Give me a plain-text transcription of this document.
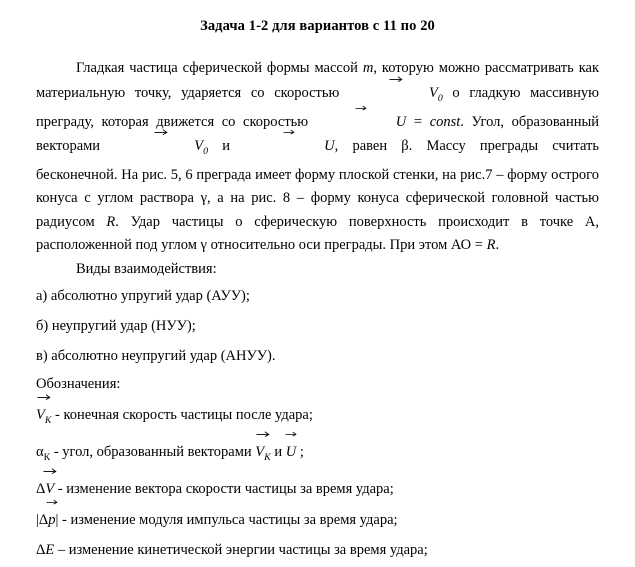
Задача 1-2 для вариантов с 11 по 20

Гладкая частица сферической формы массой m, которую можно рассматривать как материальную точку, ударяется со скоростью	$V_0$ о гладкую массивную преграду, которая движется со скоростью	U = const. Угол, образованный векторами	$V_0$ и	U, равен β. Массу преграды считать бесконечной. На рис. 5, 6 преграда имеет форму плоской стенки, на рис.7 – форму острого конуса с углом раствора γ, а на рис. 8 – форму конуса сферической головной частью радиусом R. Удар частицы о сферическую поверхность происходит в точке А, расположенной под углом γ относительно оси преграды. При этом АО = R.

Виды взаимодействия:

а) абсолютно упругий удар (АУУ);
б) неупругий удар (НУУ);
в) абсолютно неупругий удар (АНУУ).
Обозначения:
$V_К$ - конечная скорость частицы после удара;
$\alpha_К$ - угол, образованный векторами
$V_К$ и
U ;
Δ
V - изменение вектора скорости частицы за время удара;
|Δ
p| - изменение модуля импульса частицы за время удара;
ΔE – изменение кинетической энергии частицы за время удара;
